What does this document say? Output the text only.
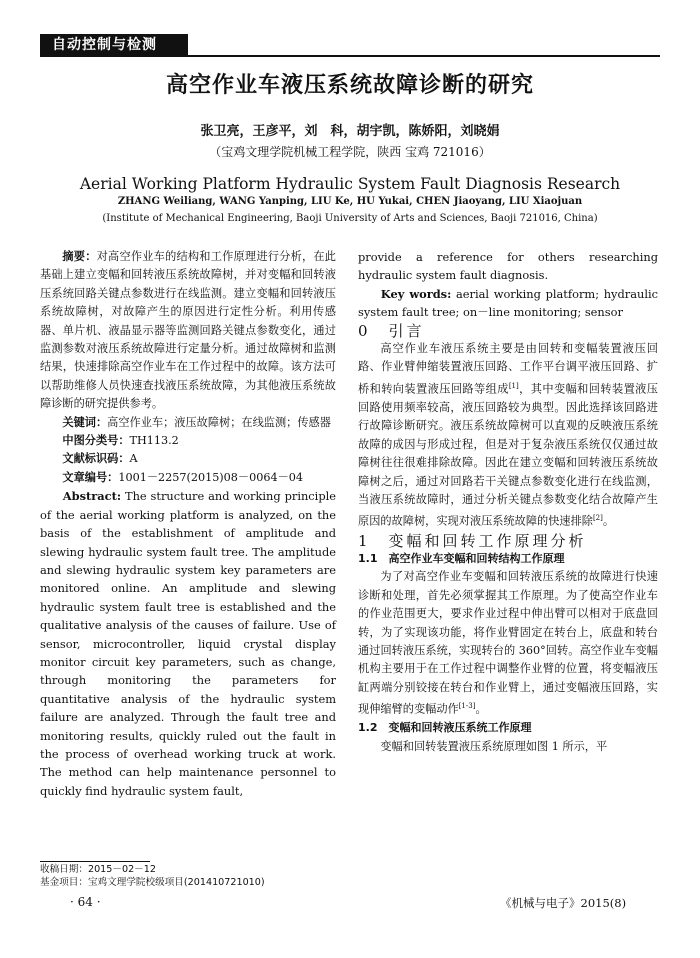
自动控制与检测
高空作业车液压系统故障诊断的研究
张卫亮，王彦平，刘　科，胡宇凯，陈娇阳，刘晓娟
（宝鸡文理学院机械工程学院，陕西 宝鸡 721016）
Aerial Working Platform Hydraulic System Fault Diagnosis Research
ZHANG Weiliang, WANG Yanping, LIU Ke, HU Yukai, CHEN Jiaoyang, LIU Xiaojuan
(Institute of Mechanical Engineering, Baoji University of Arts and Sciences, Baoji 721016, China)

摘要：对高空作业车的结构和工作原理进行分析，在此基础上建立变幅和回转液压系统故障树，并对变幅和回转液压系统回路关键点参数进行在线监测。建立变幅和回转液压系统故障树，对故障产生的原因进行定性分析。利用传感器、单片机、液晶显示器等监测回路关键点参数变化，通过监测参数对液压系统故障进行定量分析。通过故障树和监测结果，快速排除高空作业车在工作过程中的故障。该方法可以帮助维修人员快速查找液压系统故障，为其他液压系统故障诊断的研究提供参考。

关键词：高空作业车；液压故障树；在线监测；传感器

中图分类号：TH113.2

文献标识码：A

文章编号：1001－2257(2015)08－0064－04

Abstract: The structure and working principle of the aerial working platform is analyzed, on the basis of the establishment of amplitude and slewing hydraulic system fault tree. The amplitude and slewing hydraulic system key parameters are monitored online. An amplitude and slewing hydraulic system fault tree is established and the qualitative analysis of the causes of failure. Use of sensor, microcontroller, liquid crystal display monitor circuit key parameters, such as change, through monitoring the parameters for quantitative analysis of the hydraulic system failure are analyzed. Through the fault tree and monitoring results, quickly ruled out the fault in the process of overhead working truck at work. The method can help maintenance personnel to quickly find hydraulic system fault,

provide a reference for others researching hydraulic system fault diagnosis.

Key words: aerial working platform; hydraulic system fault tree; on－line monitoring; sensor

0　引言

高空作业车液压系统主要是由回转和变幅装置液压回路、作业臂伸缩装置液压回路、工作平台调平液压回路、扩桥和转向装置液压回路等组成[1]，其中变幅和回转装置液压回路使用频率较高，液压回路较为典型。因此选择该回路进行故障诊断研究。液压系统故障树可以直观的反映液压系统故障的成因与形成过程，但是对于复杂液压系统仅仅通过故障树往往很难排除故障。因此在建立变幅和回转液压系统故障树之后，通过对回路若干关键点参数变化进行在线监测，当液压系统故障时，通过分析关键点参数变化结合故障产生原因的故障树，实现对液压系统故障的快速排除[2]。

1　变幅和回转工作原理分析

1.1　高空作业车变幅和回转结构工作原理

为了对高空作业车变幅和回转液压系统的故障进行快速诊断和处理，首先必须掌握其工作原理。为了使高空作业车的作业范围更大，要求作业过程中伸出臂可以相对于底盘回转，为了实现该功能，将作业臂固定在转台上，底盘和转台通过回转液压系统，实现转台的 360°回转。高空作业车变幅机构主要用于在工作过程中调整作业臂的位置，将变幅液压缸两端分别铰接在转台和作业臂上，通过变幅液压回路，实现伸缩臂的变幅动作[1-3]。

1.2　变幅和回转液压系统工作原理

变幅和回转装置液压系统原理如图 1 所示，平

收稿日期：2015－02－12
基金项目：宝鸡文理学院校级项目(201410721010)
· 64 ·	《机械与电子》2015(8)
